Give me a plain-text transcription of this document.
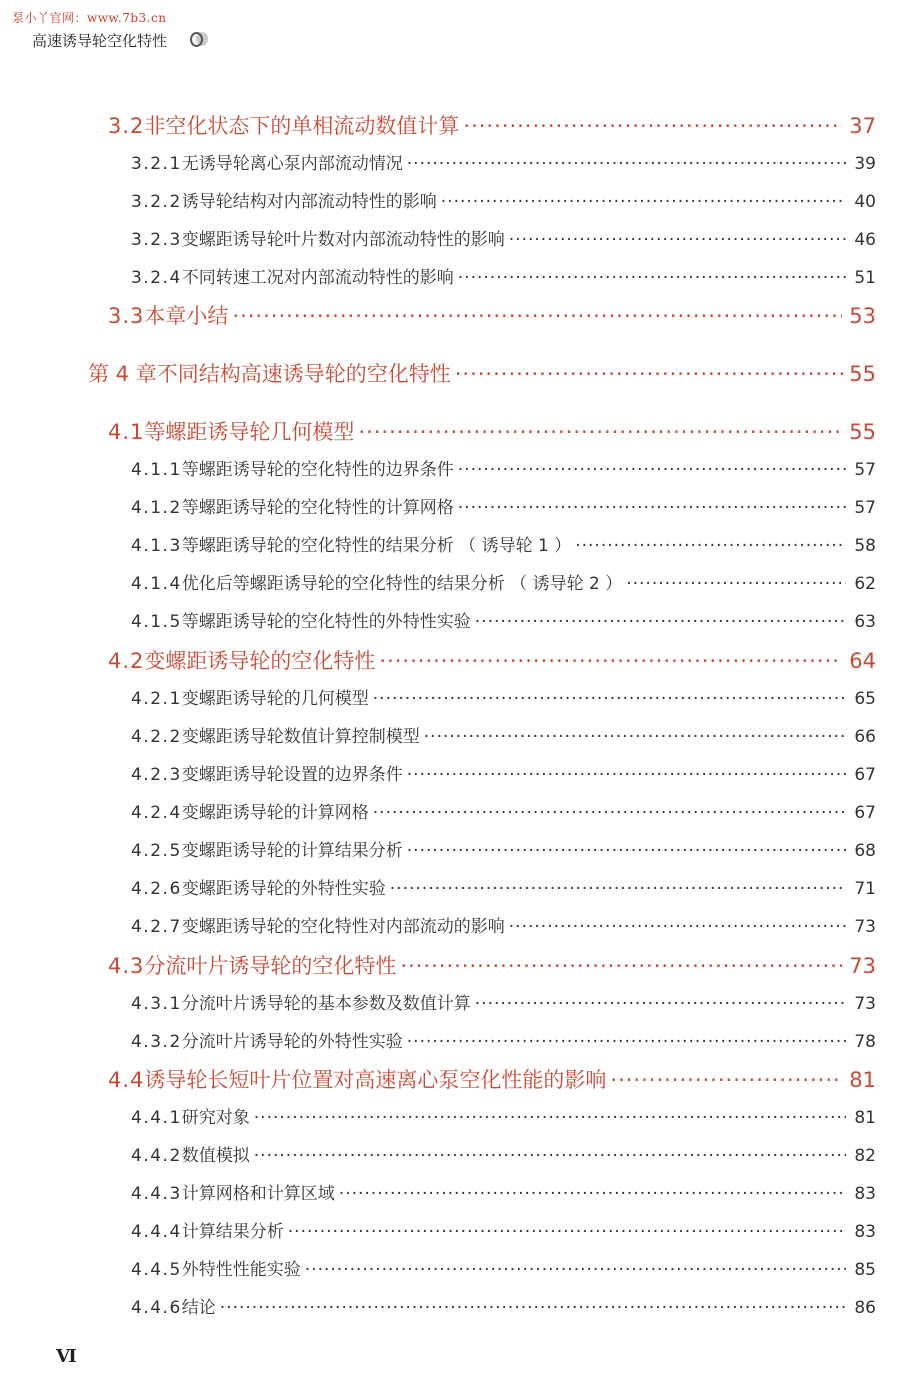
泵小丫官网：www.7b3.cn
高速诱导轮空化特性
3.2 非空化状态下的单相流动数值计算 ·····	37
3.2.1 无诱导轮离心泵内部流动情况 ·····	39
3.2.2 诱导轮结构对内部流动特性的影响 ·····	40
3.2.3 变螺距诱导轮叶片数对内部流动特性的影响 ·····	46
3.2.4 不同转速工况对内部流动特性的影响 ·····	51
3.3 本章小结 ·····	53
第 4 章 不同结构高速诱导轮的空化特性 ·····	55
4.1 等螺距诱导轮几何模型 ·····	55
4.1.1 等螺距诱导轮的空化特性的边界条件 ·····	57
4.1.2 等螺距诱导轮的空化特性的计算网格 ·····	57
4.1.3 等螺距诱导轮的空化特性的结果分析 （ 诱导轮 1 ） ·····	58
4.1.4 优化后等螺距诱导轮的空化特性的结果分析 （ 诱导轮 2 ） ·····	62
4.1.5 等螺距诱导轮的空化特性的外特性实验 ·····	63
4.2 变螺距诱导轮的空化特性 ·····	64
4.2.1 变螺距诱导轮的几何模型 ·····	65
4.2.2 变螺距诱导轮数值计算控制模型 ·····	66
4.2.3 变螺距诱导轮设置的边界条件 ·····	67
4.2.4 变螺距诱导轮的计算网格 ·····	67
4.2.5 变螺距诱导轮的计算结果分析 ·····	68
4.2.6 变螺距诱导轮的外特性实验 ·····	71
4.2.7 变螺距诱导轮的空化特性对内部流动的影响 ·····	73
4.3 分流叶片诱导轮的空化特性 ·····	73
4.3.1 分流叶片诱导轮的基本参数及数值计算 ·····	73
4.3.2 分流叶片诱导轮的外特性实验 ·····	78
4.4 诱导轮长短叶片位置对高速离心泵空化性能的影响 ·····	81
4.4.1 研究对象 ·····	81
4.4.2 数值模拟 ·····	82
4.4.3 计算网格和计算区域 ·····	83
4.4.4 计算结果分析 ·····	83
4.4.5 外特性性能实验 ·····	85
4.4.6 结论 ·····	86
Ⅵ
